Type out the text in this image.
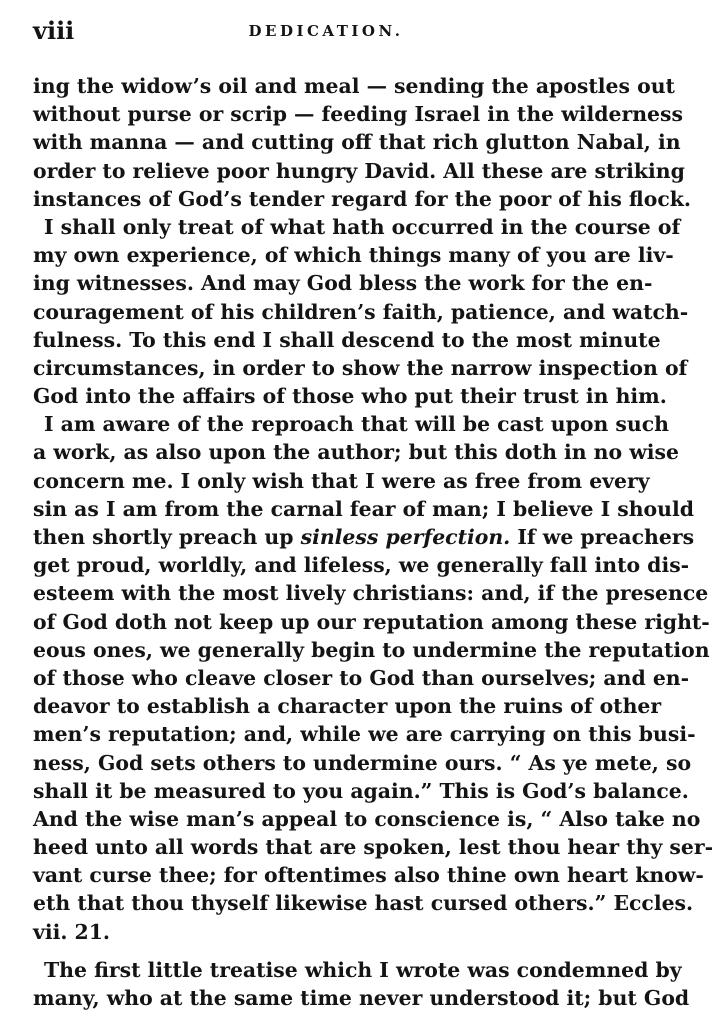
viii	DEDICATION.
ing the widow’s oil and meal — sending the apostles out
without purse or scrip — feeding Israel in the wilderness
with manna — and cutting off that rich glutton Nabal, in
order to relieve poor hungry David. All these are striking
instances of God’s tender regard for the poor of his flock.
I shall only treat of what hath occurred in the course of
my own experience, of which things many of you are liv-
ing witnesses. And may God bless the work for the en-
couragement of his children’s faith, patience, and watch-
fulness. To this end I shall descend to the most minute
circumstances, in order to show the narrow inspection of
God into the affairs of those who put their trust in him.
I am aware of the reproach that will be cast upon such
a work, as also upon the author; but this doth in no wise
concern me. I only wish that I were as free from every
sin as I am from the carnal fear of man; I believe I should
then shortly preach up sinless perfection. If we preachers
get proud, worldly, and lifeless, we generally fall into dis-
esteem with the most lively christians: and, if the presence
of God doth not keep up our reputation among these right-
eous ones, we generally begin to undermine the reputation
of those who cleave closer to God than ourselves; and en-
deavor to establish a character upon the ruins of other
men’s reputation; and, while we are carrying on this busi-
ness, God sets others to undermine ours. “ As ye mete, so
shall it be measured to you again.” This is God’s balance.
And the wise man’s appeal to conscience is, “ Also take no
heed unto all words that are spoken, lest thou hear thy ser-
vant curse thee; for oftentimes also thine own heart know-
eth that thou thyself likewise hast cursed others.” Eccles.
vii. 21.
The first little treatise which I wrote was condemned by
many, who at the same time never understood it; but God
